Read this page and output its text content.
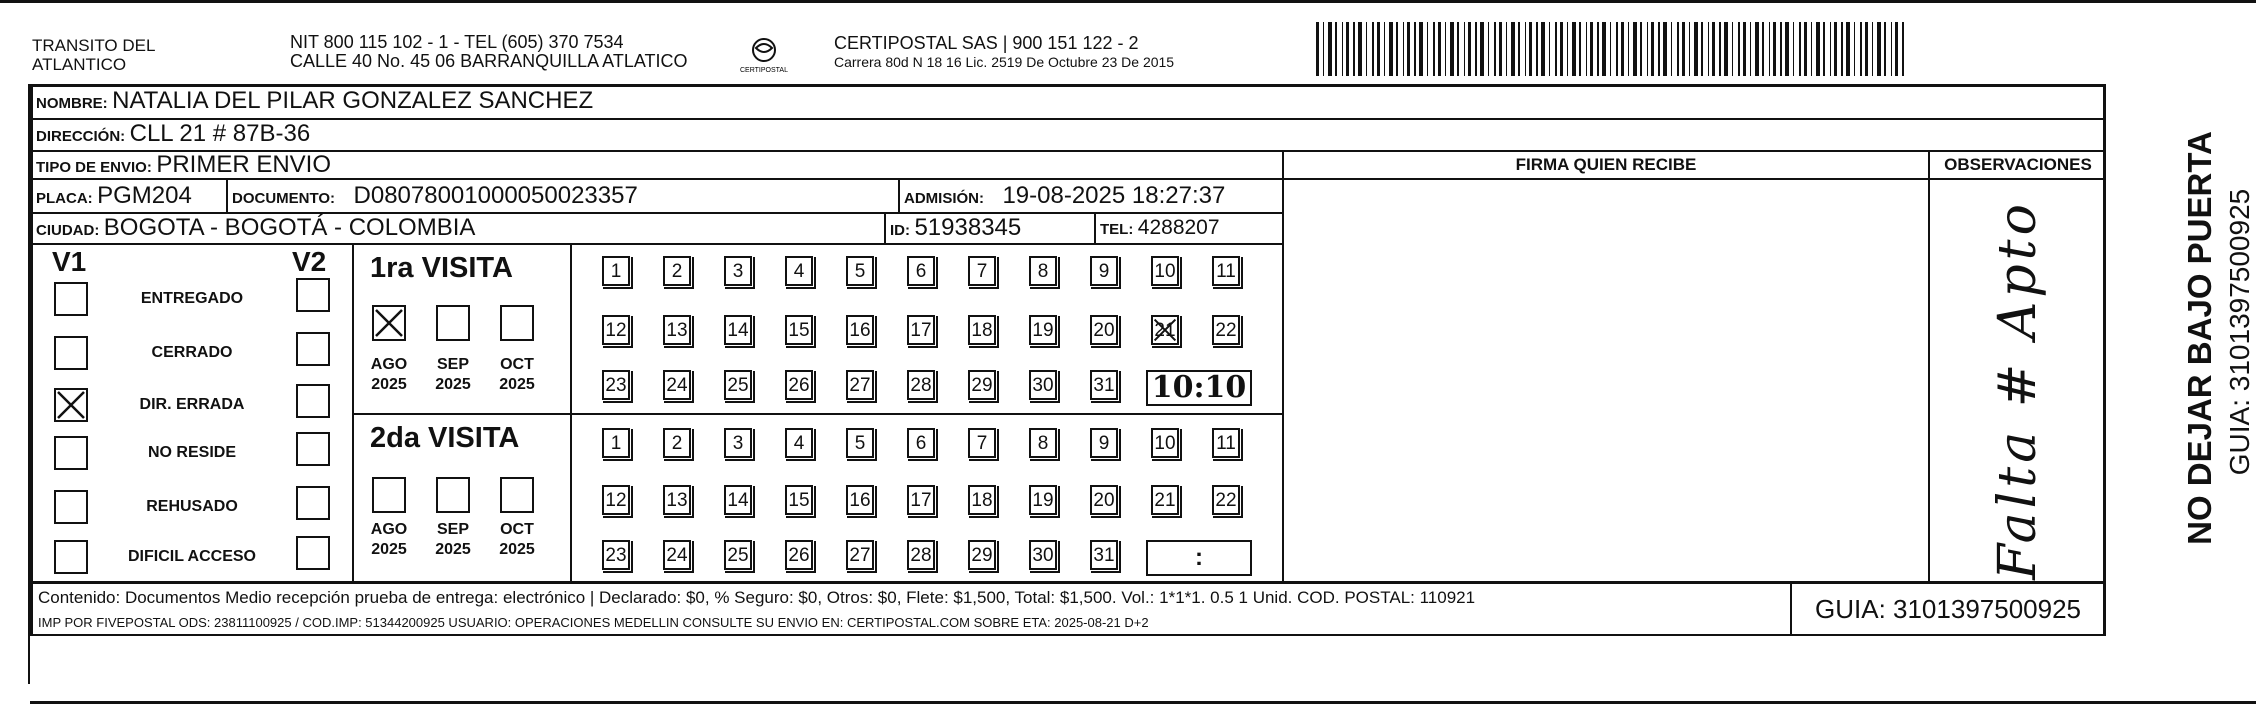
TRANSITO DEL
ATLANTICO
NIT 800 115 102 - 1 - TEL (605) 370 7534
CALLE 40 No. 45 06 BARRANQUILLA ATLATICO	CERTIPOSTAL
CERTIPOSTAL SAS | 900 151 122 - 2
Carrera 80d N 18 16 Lic. 2519 De Octubre 23 De 2015
NOMBRE: NATALIA DEL PILAR GONZALEZ SANCHEZ
DIRECCIÓN: CLL 21 # 87B-36
TIPO DE ENVIO: PRIMER ENVIO
PLACA: PGM204	DOCUMENTO: D08078001000050023357	ADMISIÓN: 19-08-2025 18:27:37
CIUDAD: BOGOTA - BOGOTÁ - COLOMBIA	ID: 51938345	TEL: 4288207
FIRMA QUIEN RECIBE	OBSERVACIONES
Falta # Apto	NO DEJAR BAJO PUERTA GUIA: 3101397500925
V1	V2
ENTREGADO
CERRADO
DIR. ERRADA
NO RESIDE
REHUSADO
DIFICIL ACCESO
1ra VISITA
2da VISITA
AGO
2025
SEP
2025
OCT
2025
AGO
2025
SEP
2025
OCT
2025
1	2	3	4	5	6	7	8	9	10 11
12 13 14 15 16 17 18 19 20 21 22
23 24 25 26 27 28 29 30 31 10:10
1	2	3	4	5	6	7	8	9	10 11
12 13 14 15 16 17 18 19 20 21 22
23 24 25 26 27 28 29 30 31	:
Contenido: Documentos Medio recepción prueba de entrega: electrónico | Declarado: $0, % Seguro: $0, Otros: $0, Flete: $1,500, Total: $1,500. Vol.: 1*1*1. 0.5 1 Unid. COD. POSTAL: 110921
IMP POR FIVEPOSTAL ODS: 23811100925 / COD.IMP: 51344200925 USUARIO: OPERACIONES MEDELLIN CONSULTE SU ENVIO EN: CERTIPOSTAL.COM SOBRE ETA: 2025-08-21 D+2	GUIA: 3101397500925
